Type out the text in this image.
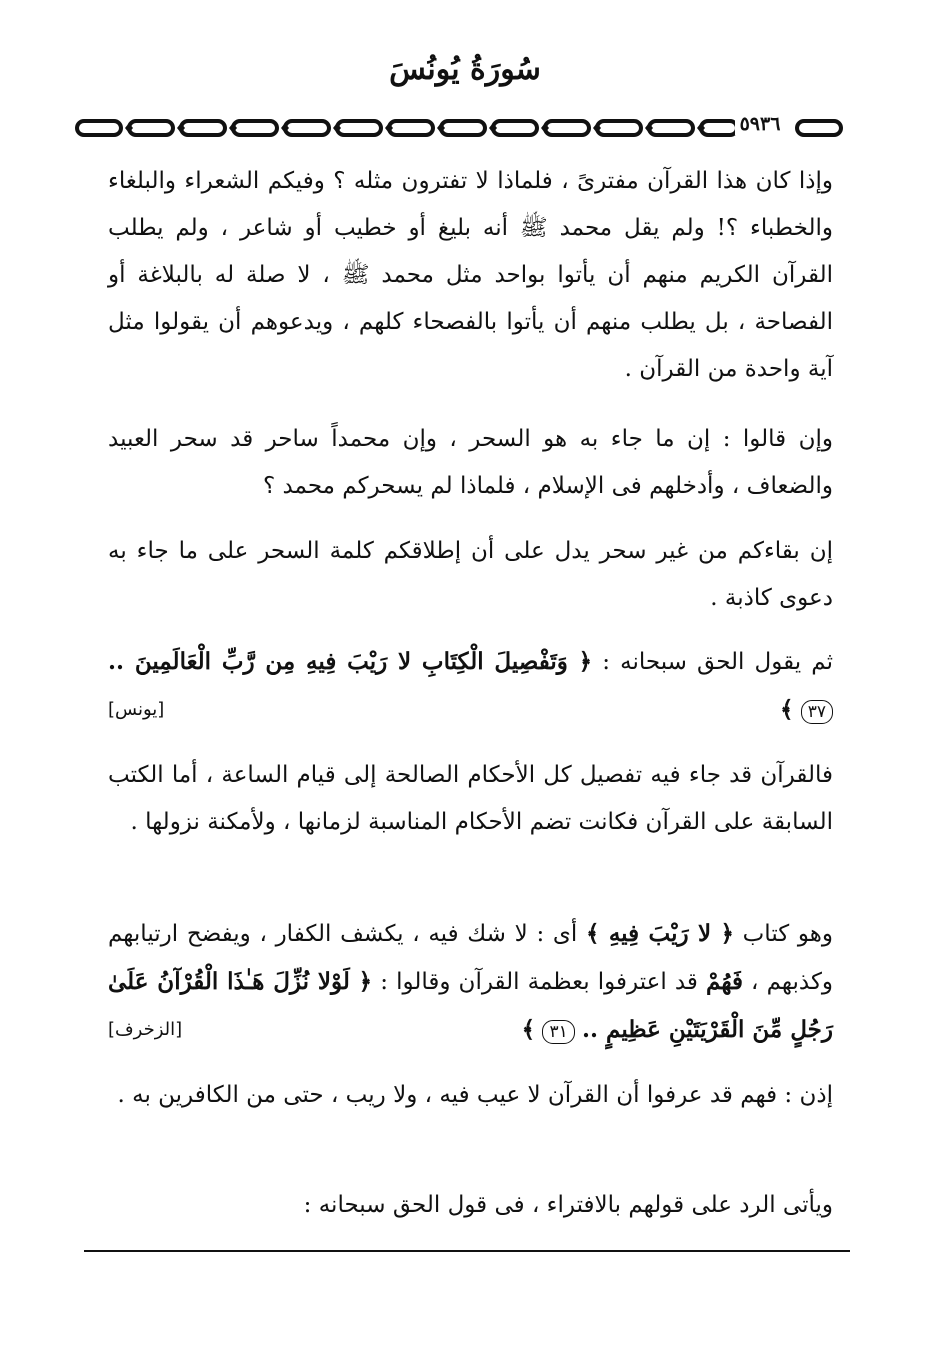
سُورَةُ يُونُسَ
٥٩٣٦
وإذا كان هذا القرآن مفترىً ، فلماذا لا تفترون مثله ؟ وفيكم الشعراء والبلغاء والخطباء ؟! ولم يقل محمد ﷺ أنه بليغ أو خطيب أو شاعر ، ولم يطلب القرآن الكريم منهم أن يأتوا بواحد مثل محمد ﷺ ، لا صلة له بالبلاغة أو الفصاحة ، بل يطلب منهم أن يأتوا بالفصحاء كلهم ، ويدعوهم أن يقولوا مثل آية واحدة من القرآن .
وإن قالوا : إن ما جاء به هو السحر ، وإن محمداً ساحر قد سحر العبيد والضعاف ، وأدخلهم فى الإسلام ، فلماذا لم يسحركم محمد ؟
إن بقاءكم من غير سحر يدل على أن إطلاقكم كلمة السحر على ما جاء به دعوى كاذبة .
ثم يقول الحق سبحانه : ﴿ وَتَفْصِيلَ الْكِتَابِ لا رَيْبَ فِيهِ مِن رَّبِّ الْعَالَمِينَ .. ٣٧ ﴾
[يونس]
فالقرآن قد جاء فيه تفصيل كل الأحكام الصالحة إلى قيام الساعة ، أما الكتب السابقة على القرآن فكانت تضم الأحكام المناسبة لزمانها ، ولأمكنة نزولها .
وهو كتاب ﴿ لا رَيْبَ فِيهِ ﴾ أى : لا شك فيه ، يكشف الكفار ، ويفضح ارتيابهم وكذبهم ، فَهُمْ قد اعترفوا بعظمة القرآن وقالوا : ﴿ لَوْلا نُزِّلَ هَـٰذَا الْقُرْآنُ عَلَىٰ رَجُلٍ مِّنَ الْقَرْيَتَيْنِ عَظِيمٍ .. ٣١ ﴾
[الزخرف]
إذن : فهم قد عرفوا أن القرآن لا عيب فيه ، ولا ريب ، حتى من الكافرين به .
ويأتى الرد على قولهم بالافتراء ، فى قول الحق سبحانه :
